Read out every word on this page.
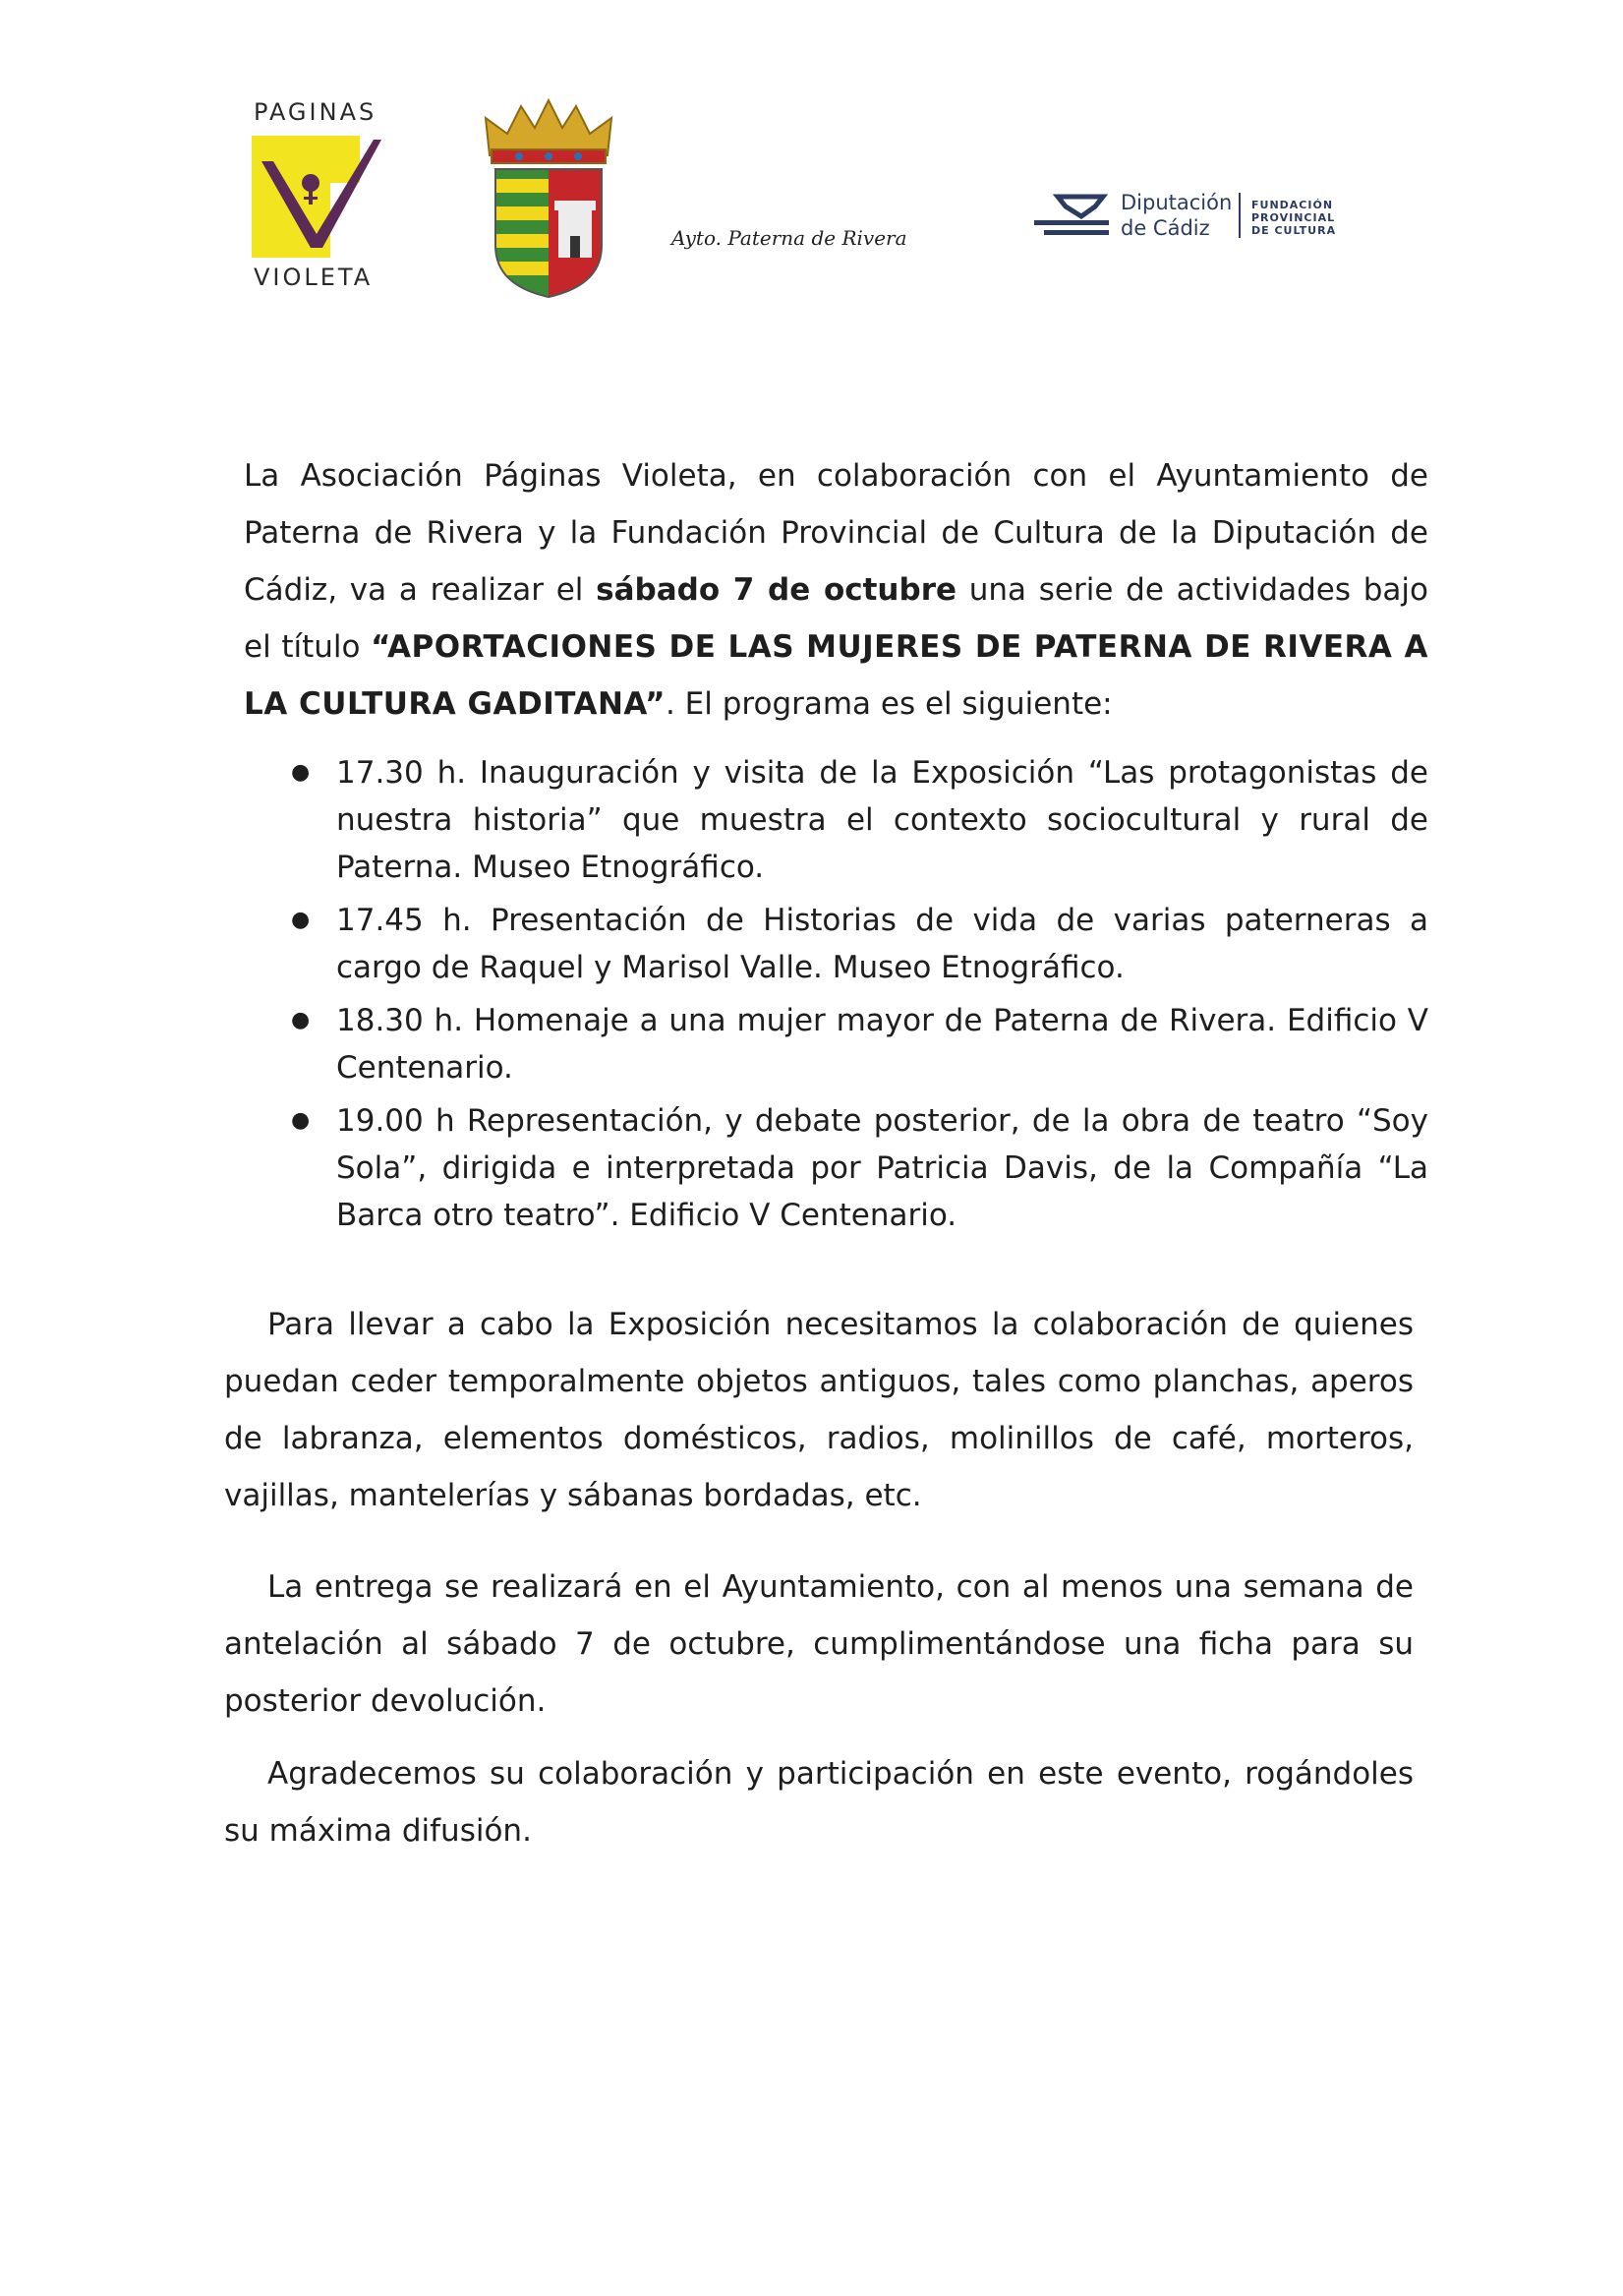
PAGINAS
VIOLETA
Ayto. Paterna de Rivera
Diputación
de Cádiz
FUNDACIÓN
PROVINCIAL
DE CULTURA

La Asociación Páginas Violeta, en colaboración con el Ayuntamiento de Paterna de Rivera y la Fundación Provincial de Cultura de la Diputación de Cádiz, va a realizar el sábado 7 de octubre una serie de actividades bajo el título “APORTACIONES DE LAS MUJERES DE PATERNA DE RIVERA A LA CULTURA GADITANA”. El programa es el siguiente:

● 17.30 h. Inauguración y visita de la Exposición “Las protagonistas de nuestra historia” que muestra el contexto sociocultural y rural de Paterna. Museo Etnográfico.
● 17.45 h. Presentación de Historias de vida de varias paterneras a cargo de Raquel y Marisol Valle. Museo Etnográfico.
● 18.30 h. Homenaje a una mujer mayor de Paterna de Rivera. Edificio V Centenario.
● 19.00 h Representación, y debate posterior, de la obra de teatro “Soy Sola”, dirigida e interpretada por Patricia Davis, de la Compañía “La Barca otro teatro”. Edificio V Centenario.

Para llevar a cabo la Exposición necesitamos la colaboración de quienes puedan ceder temporalmente objetos antiguos, tales como planchas, aperos de labranza, elementos domésticos, radios, molinillos de café, morteros, vajillas, mantelerías y sábanas bordadas, etc.

La entrega se realizará en el Ayuntamiento, con al menos una semana de antelación al sábado 7 de octubre, cumplimentándose una ficha para su posterior devolución.

Agradecemos su colaboración y participación en este evento, rogándoles su máxima difusión.
